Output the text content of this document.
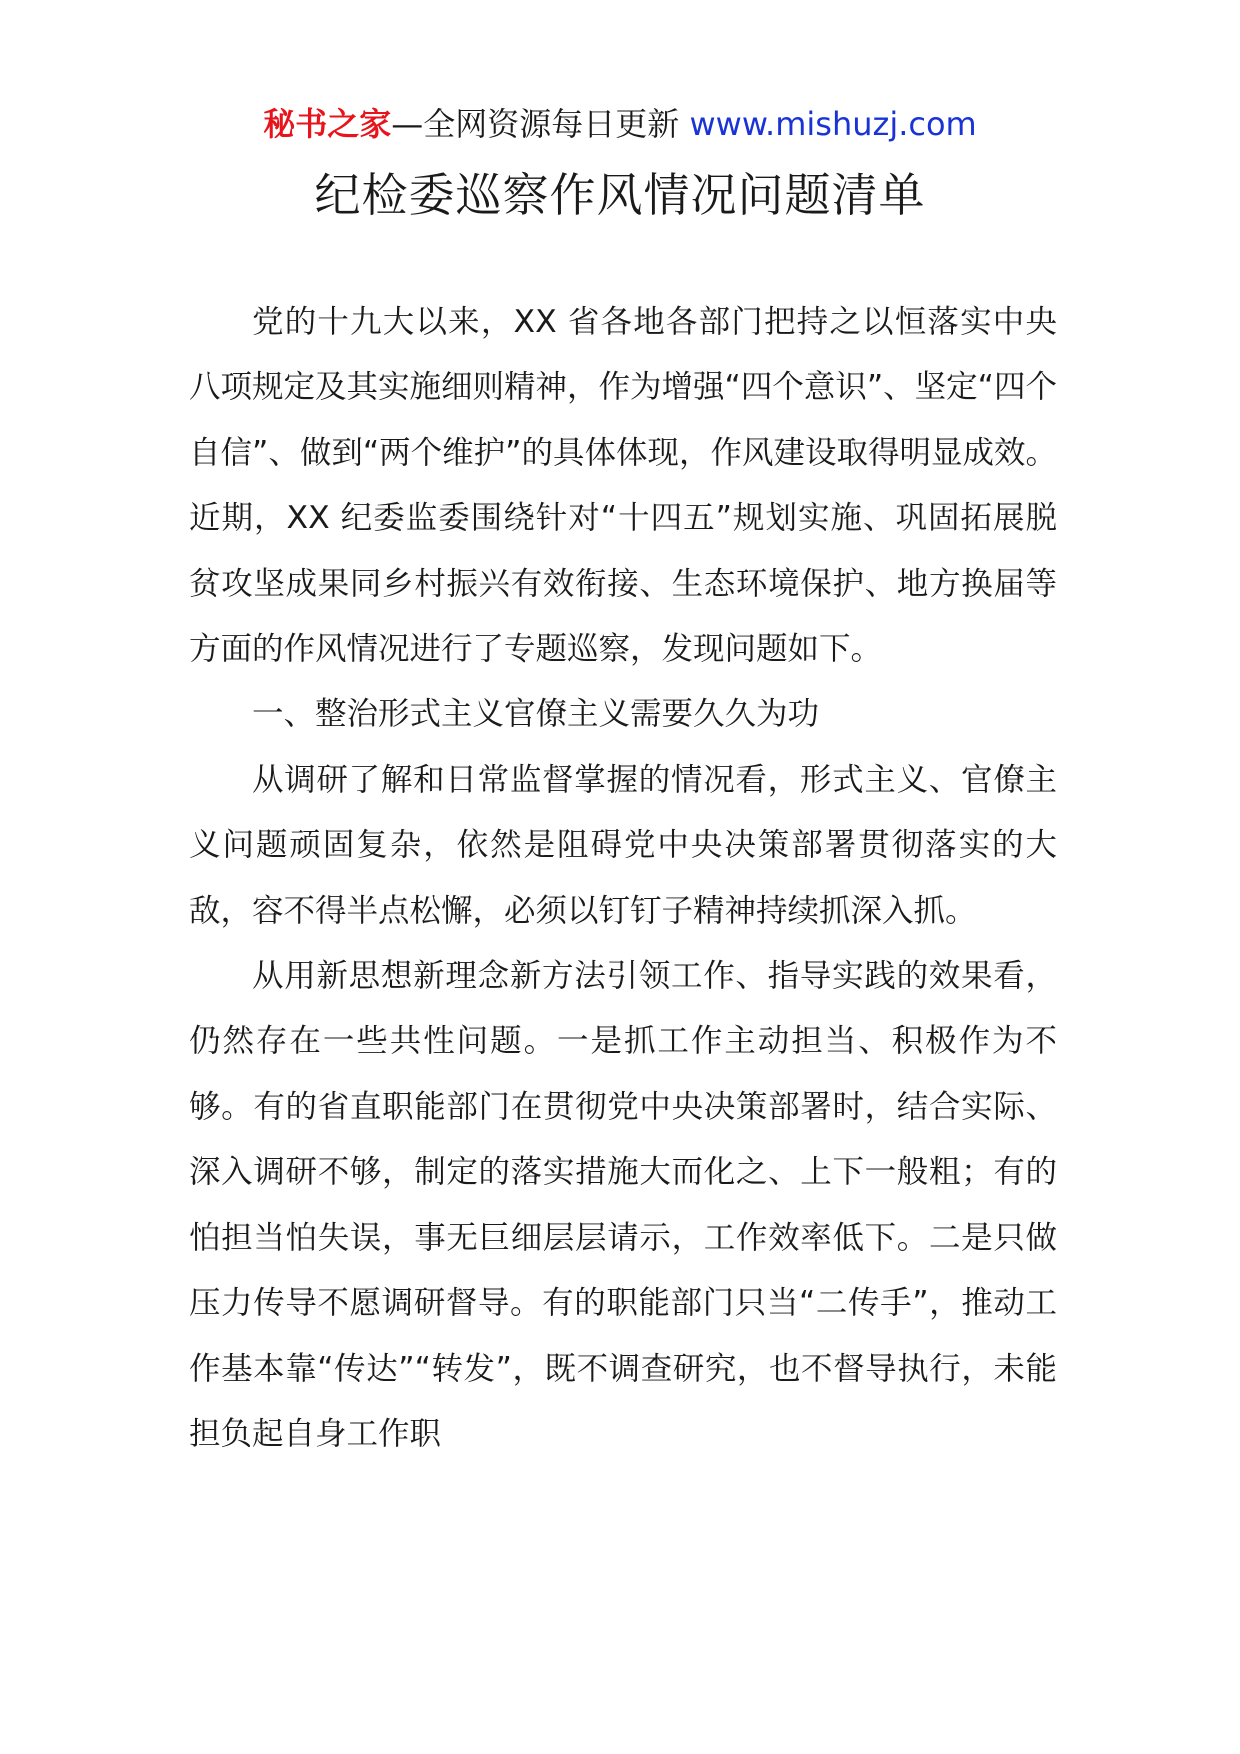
秘书之家—全网资源每日更新 www.mishuzj.com
纪检委巡察作风情况问题清单

党的十九大以来，XX 省各地各部门把持之以恒落实中央八项规定及其实施细则精神，作为增强“四个意识”、坚定“四个自信”、做到“两个维护”的具体体现，作风建设取得明显成效。近期，XX 纪委监委围绕针对“十四五”规划实施、巩固拓展脱贫攻坚成果同乡村振兴有效衔接、生态环境保护、地方换届等方面的作风情况进行了专题巡察，发现问题如下。

一、整治形式主义官僚主义需要久久为功

从调研了解和日常监督掌握的情况看，形式主义、官僚主义问题顽固复杂，依然是阻碍党中央决策部署贯彻落实的大敌，容不得半点松懈，必须以钉钉子精神持续抓深入抓。

从用新思想新理念新方法引领工作、指导实践的效果看，仍然存在一些共性问题。一是抓工作主动担当、积极作为不够。有的省直职能部门在贯彻党中央决策部署时，结合实际、深入调研不够，制定的落实措施大而化之、上下一般粗；有的怕担当怕失误，事无巨细层层请示，工作效率低下。二是只做压力传导不愿调研督导。有的职能部门只当“二传手”，推动工作基本靠“传达”“转发”，既不调查研究，也不督导执行，未能担负起自身工作职
